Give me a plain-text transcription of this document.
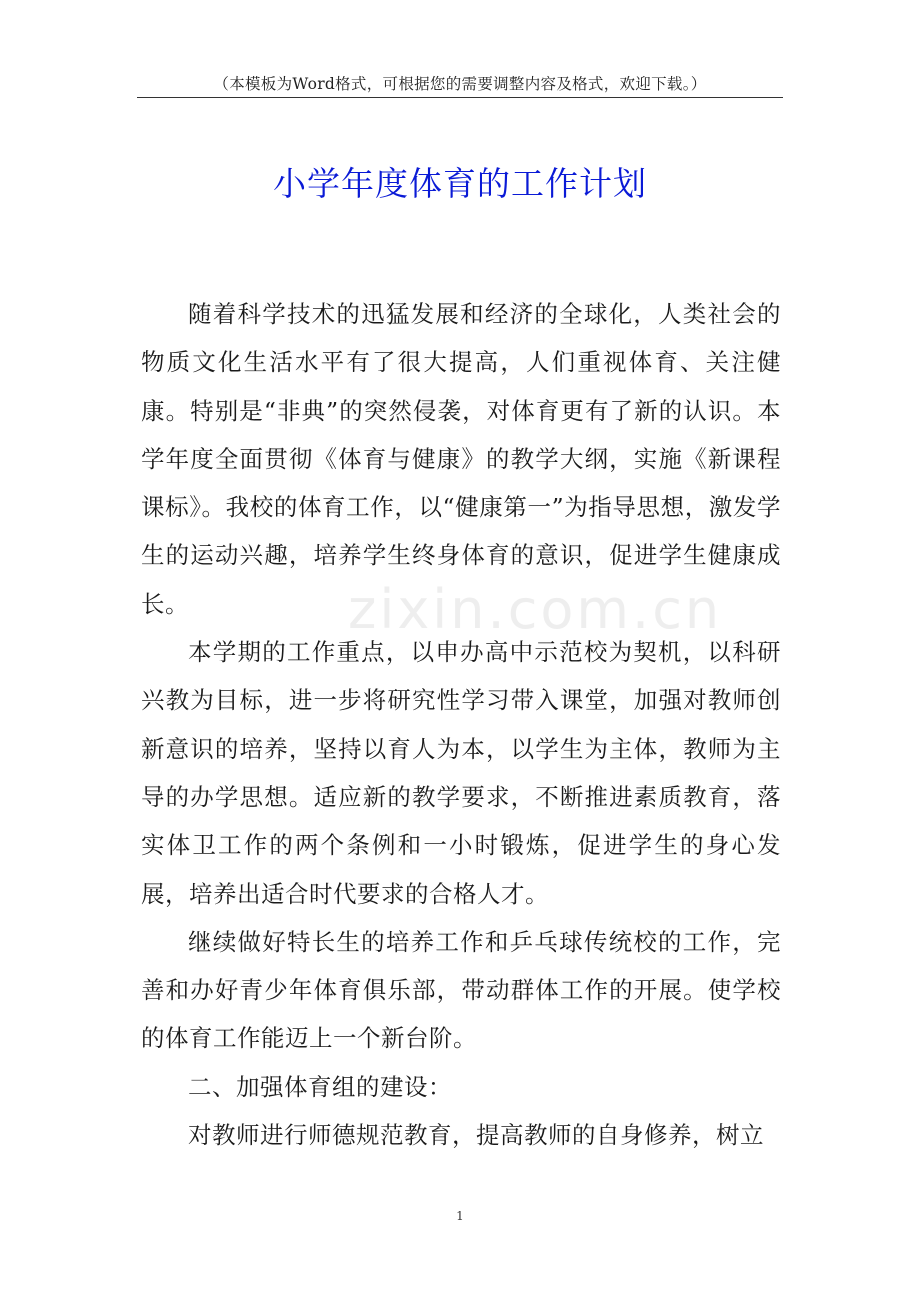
（本模板为Word格式，可根据您的需要调整内容及格式，欢迎下载。）
小学年度体育的工作计划
zixin.com.cn

随着科学技术的迅猛发展和经济的全球化，人类社会的物质文化生活水平有了很大提高，人们重视体育、关注健康。特别是“非典”的突然侵袭，对体育更有了新的认识。本学年度全面贯彻《体育与健康》的教学大纲，实施《新课程课标》。我校的体育工作，以“健康第一”为指导思想，激发学生的运动兴趣，培养学生终身体育的意识，促进学生健康成长。

本学期的工作重点，以申办高中示范校为契机，以科研兴教为目标，进一步将研究性学习带入课堂，加强对教师创新意识的培养，坚持以育人为本，以学生为主体，教师为主导的办学思想。适应新的教学要求，不断推进素质教育，落实体卫工作的两个条例和一小时锻炼，促进学生的身心发展，培养出适合时代要求的合格人才。

继续做好特长生的培养工作和乒乓球传统校的工作，完善和办好青少年体育俱乐部，带动群体工作的开展。使学校的体育工作能迈上一个新台阶。

二、加强体育组的建设：

对教师进行师德规范教育，提高教师的自身修养，树立

1
